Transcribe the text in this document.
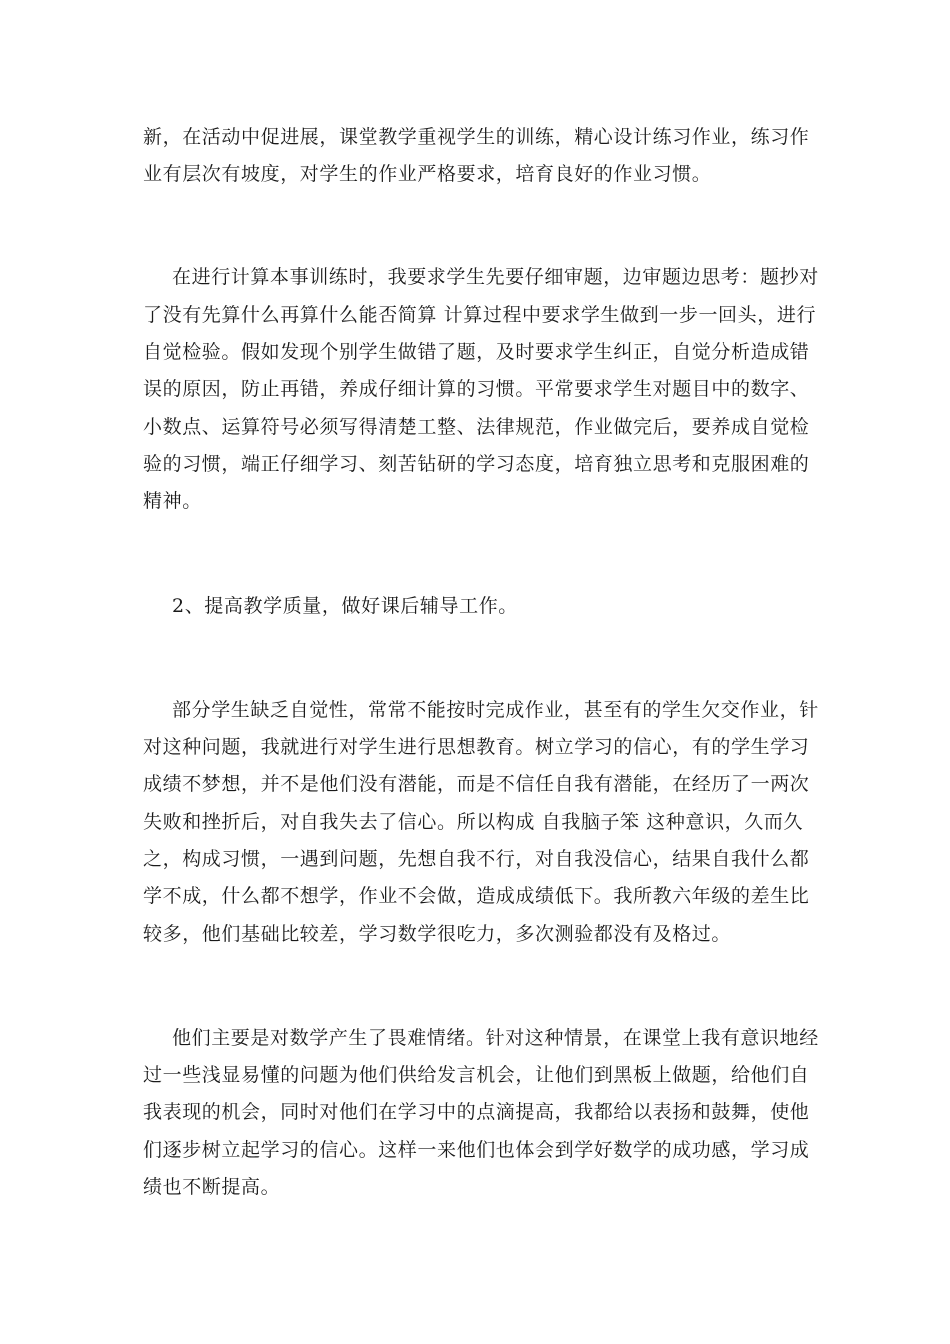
新，在活动中促进展，课堂教学重视学生的训练，精心设计练习作业，练习作

业有层次有坡度，对学生的作业严格要求，培育良好的作业习惯。

在进行计算本事训练时，我要求学生先要仔细审题，边审题边思考：题抄对

了没有先算什么再算什么能否简算 计算过程中要求学生做到一步一回头，进行

自觉检验。假如发现个别学生做错了题，及时要求学生纠正，自觉分析造成错

误的原因，防止再错，养成仔细计算的习惯。平常要求学生对题目中的数字、

小数点、运算符号必须写得清楚工整、法律规范，作业做完后，要养成自觉检

验的习惯，端正仔细学习、刻苦钻研的学习态度，培育独立思考和克服困难的

精神。

2、提高教学质量，做好课后辅导工作。

部分学生缺乏自觉性，常常不能按时完成作业，甚至有的学生欠交作业，针

对这种问题，我就进行对学生进行思想教育。树立学习的信心，有的学生学习

成绩不梦想，并不是他们没有潜能，而是不信任自我有潜能，在经历了一两次

失败和挫折后，对自我失去了信心。所以构成 自我脑子笨 这种意识，久而久

之，构成习惯，一遇到问题，先想自我不行，对自我没信心，结果自我什么都

学不成，什么都不想学，作业不会做，造成成绩低下。我所教六年级的差生比

较多，他们基础比较差，学习数学很吃力，多次测验都没有及格过。

他们主要是对数学产生了畏难情绪。针对这种情景，在课堂上我有意识地经

过一些浅显易懂的问题为他们供给发言机会，让他们到黑板上做题，给他们自

我表现的机会，同时对他们在学习中的点滴提高，我都给以表扬和鼓舞，使他

们逐步树立起学习的信心。这样一来他们也体会到学好数学的成功感，学习成

绩也不断提高。
